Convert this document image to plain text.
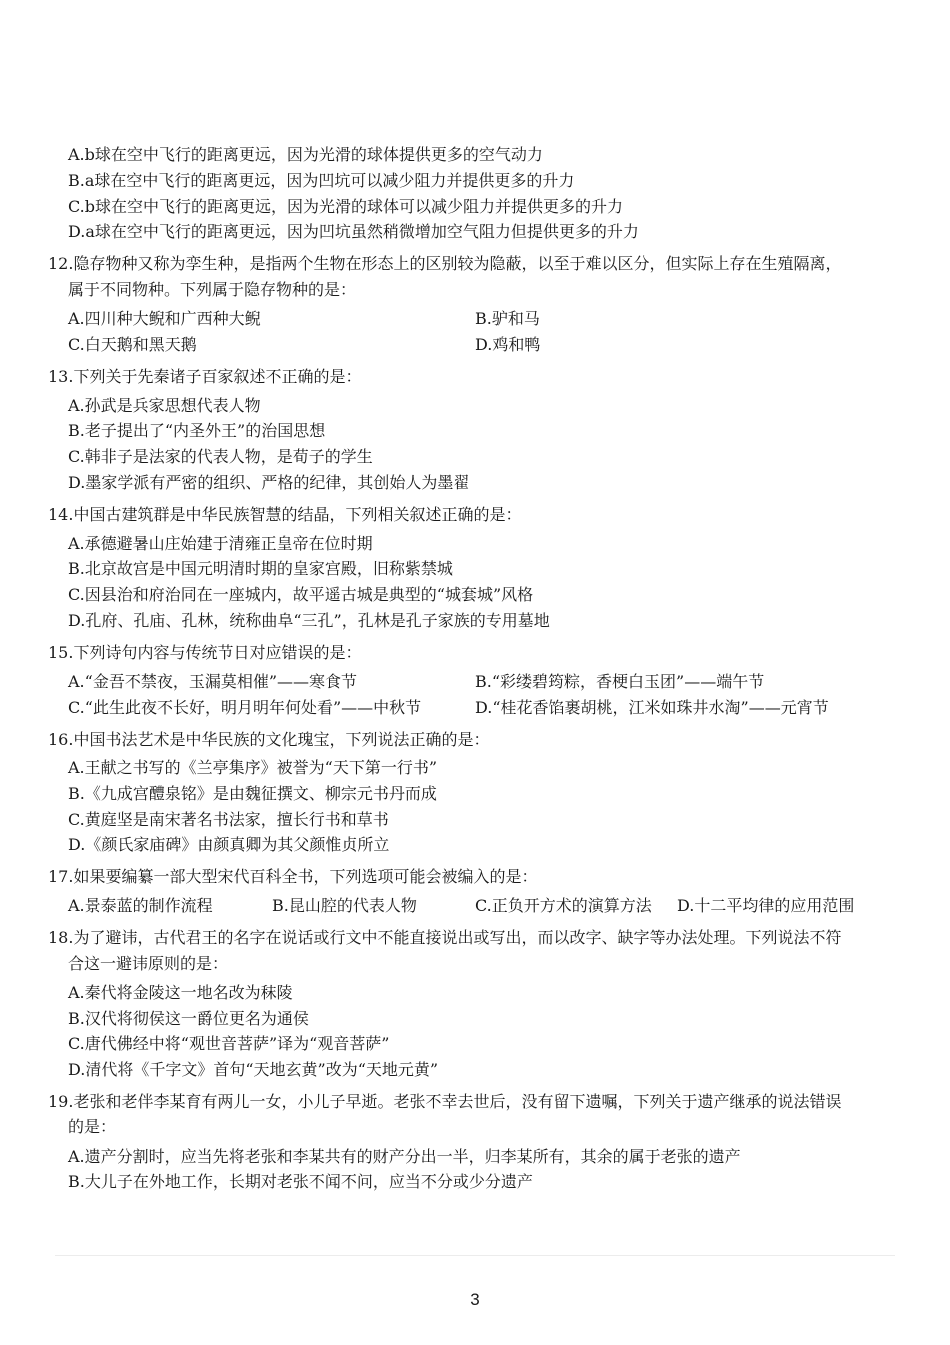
A.b球在空中飞行的距离更远，因为光滑的球体提供更多的空气动力
B.a球在空中飞行的距离更远，因为凹坑可以减少阻力并提供更多的升力
C.b球在空中飞行的距离更远，因为光滑的球体可以减少阻力并提供更多的升力
D.a球在空中飞行的距离更远，因为凹坑虽然稍微增加空气阻力但提供更多的升力
12.隐存物种又称为孪生种，是指两个生物在形态上的区别较为隐蔽，以至于难以区分，但实际上存在生殖隔离，
属于不同物种。下列属于隐存物种的是：
A.四川种大鲵和广西种大鲵	B.驴和马
C.白天鹅和黑天鹅	D.鸡和鸭
13.下列关于先秦诸子百家叙述不正确的是：
A.孙武是兵家思想代表人物
B.老子提出了“内圣外王”的治国思想
C.韩非子是法家的代表人物，是荀子的学生
D.墨家学派有严密的组织、严格的纪律，其创始人为墨翟
14.中国古建筑群是中华民族智慧的结晶，下列相关叙述正确的是：
A.承德避暑山庄始建于清雍正皇帝在位时期
B.北京故宫是中国元明清时期的皇家宫殿，旧称紫禁城
C.因县治和府治同在一座城内，故平遥古城是典型的“城套城”风格
D.孔府、孔庙、孔林，统称曲阜“三孔”，孔林是孔子家族的专用墓地
15.下列诗句内容与传统节日对应错误的是：
A.“金吾不禁夜，玉漏莫相催”——寒食节	B.“彩缕碧筠粽，香梗白玉团”——端午节
C.“此生此夜不长好，明月明年何处看”——中秋节	D.“桂花香馅裹胡桃，江米如珠井水淘”——元宵节
16.中国书法艺术是中华民族的文化瑰宝，下列说法正确的是：
A.王献之书写的《兰亭集序》被誉为“天下第一行书”
B.《九成宫醴泉铭》是由魏征撰文、柳宗元书丹而成
C.黄庭坚是南宋著名书法家，擅长行书和草书
D.《颜氏家庙碑》由颜真卿为其父颜惟贞所立
17.如果要编纂一部大型宋代百科全书，下列选项可能会被编入的是：
A.景泰蓝的制作流程	B.昆山腔的代表人物	C.正负开方术的演算方法 D.十二平均律的应用范围
18.为了避讳，古代君王的名字在说话或行文中不能直接说出或写出，而以改字、缺字等办法处理。下列说法不符
合这一避讳原则的是：
A.秦代将金陵这一地名改为秣陵
B.汉代将彻侯这一爵位更名为通侯
C.唐代佛经中将“观世音菩萨”译为“观音菩萨”
D.清代将《千字文》首句“天地玄黄”改为“天地元黄”
19.老张和老伴李某育有两儿一女，小儿子早逝。老张不幸去世后，没有留下遗嘱，下列关于遗产继承的说法错误
的是：
A.遗产分割时，应当先将老张和李某共有的财产分出一半，归李某所有，其余的属于老张的遗产
B.大儿子在外地工作，长期对老张不闻不问，应当不分或少分遗产
3
